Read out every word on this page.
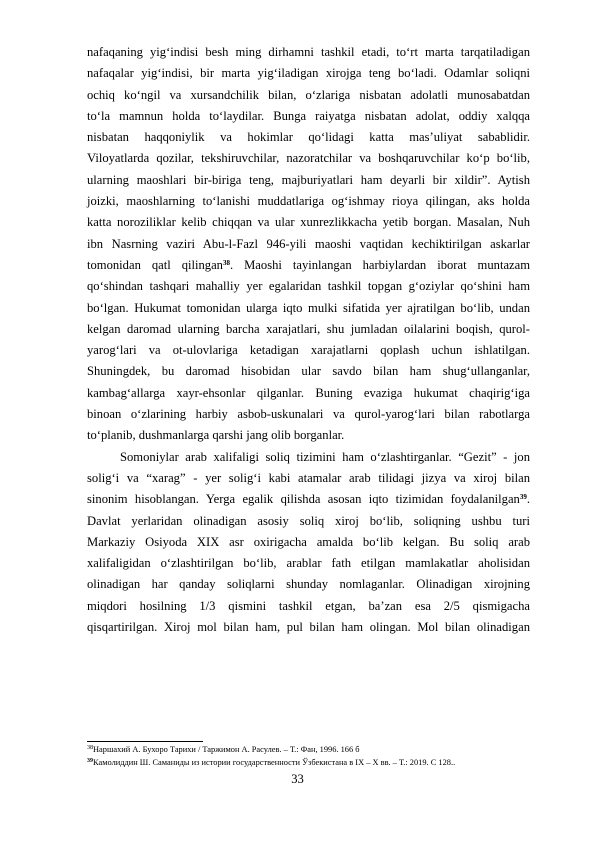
nafaqaning yigʻindisi besh ming dirhamni tashkil etadi, toʻrt marta tarqatiladigan

nafaqalar yigʻindisi, bir marta yigʻiladigan xirojga teng boʻladi. Odamlar soliqni

ochiq koʻngil va xursandchilik bilan, oʻzlariga nisbatan adolatli munosabatdan

toʻla mamnun holda toʻlaydilar. Bunga raiyatga nisbatan adolat, oddiy xalqqa

nisbatan haqqoniylik va hokimlar qoʻlidagi katta masʼuliyat sabablidir.

Viloyatlarda qozilar, tekshiruvchilar, nazoratchilar va boshqaruvchilar koʻp boʻlib,

ularning maoshlari bir-biriga teng, majburiyatlari ham deyarli bir xildir”. Aytish

joizki, maoshlarning toʻlanishi muddatlariga ogʻishmay rioya qilingan, aks holda

katta noroziliklar kelib chiqqan va ular xunrezlikkacha yetib borgan. Masalan, Nuh

ibn Nasrning vaziri Abu-l-Fazl 946-yili maoshi vaqtidan kechiktirilgan askarlar

tomonidan qatl qilingan$^{38}$. Maoshi tayinlangan harbiylardan iborat muntazam

qo‘shindan tashqari mahalliy yer egalaridan tashkil topgan g‘oziylar qo‘shini ham

boʻlgan. Hukumat tomonidan ularga iqto mulki sifatida yer ajratilgan boʻlib, undan

kelgan daromad ularning barcha xarajatlari, shu jumladan oilalarini boqish, qurol-

yarogʻlari va ot-ulovlariga ketadigan xarajatlarni qoplash uchun ishlatilgan.

Shuningdek, bu daromad hisobidan ular savdo bilan ham shugʻullanganlar,

kambagʻallarga xayr-ehsonlar qilganlar. Buning evaziga hukumat chaqirigʻiga

binoan oʻzlarining harbiy asbob-uskunalari va qurol-yarogʻlari bilan rabotlarga

toʻplanib, dushmanlarga qarshi jang olib borganlar.

Somoniylar arab xalifaligi soliq tizimini ham oʻzlashtirganlar. “Gezit” - jon

soligʻi va “xarag” - yer soligʻi kabi atamalar arab tilidagi jizya va xiroj bilan

sinonim hisoblangan. Yerga egalik qilishda asosan iqto tizimidan foydalanilgan$^{39}$.

Davlat yerlaridan olinadigan asosiy soliq xiroj boʻlib, soliqning ushbu turi

Markaziy Osiyoda XIX asr oxirigacha amalda boʻlib kelgan. Bu soliq arab

xalifaligidan oʻzlashtirilgan boʻlib, arablar fath etilgan mamlakatlar aholisidan

olinadigan har qanday soliqlarni shunday nomlaganlar. Olinadigan xirojning

miqdori hosilning 1/3 qismini tashkil etgan, baʼzan esa 2/5 qismigacha

qisqartirilgan. Xiroj mol bilan ham, pul bilan ham olingan. Mol bilan olinadigan

$^{38}$Наршахий А. Бухоро Тарихи / Таржимон А. Расулев. – Т.: Фан, 1996. 166 б
$^{39}$Камолиддин Ш. Саманиды из истории государственности Ўзбекистана в IX – X вв. – Т.: 2019. С 128..
33
